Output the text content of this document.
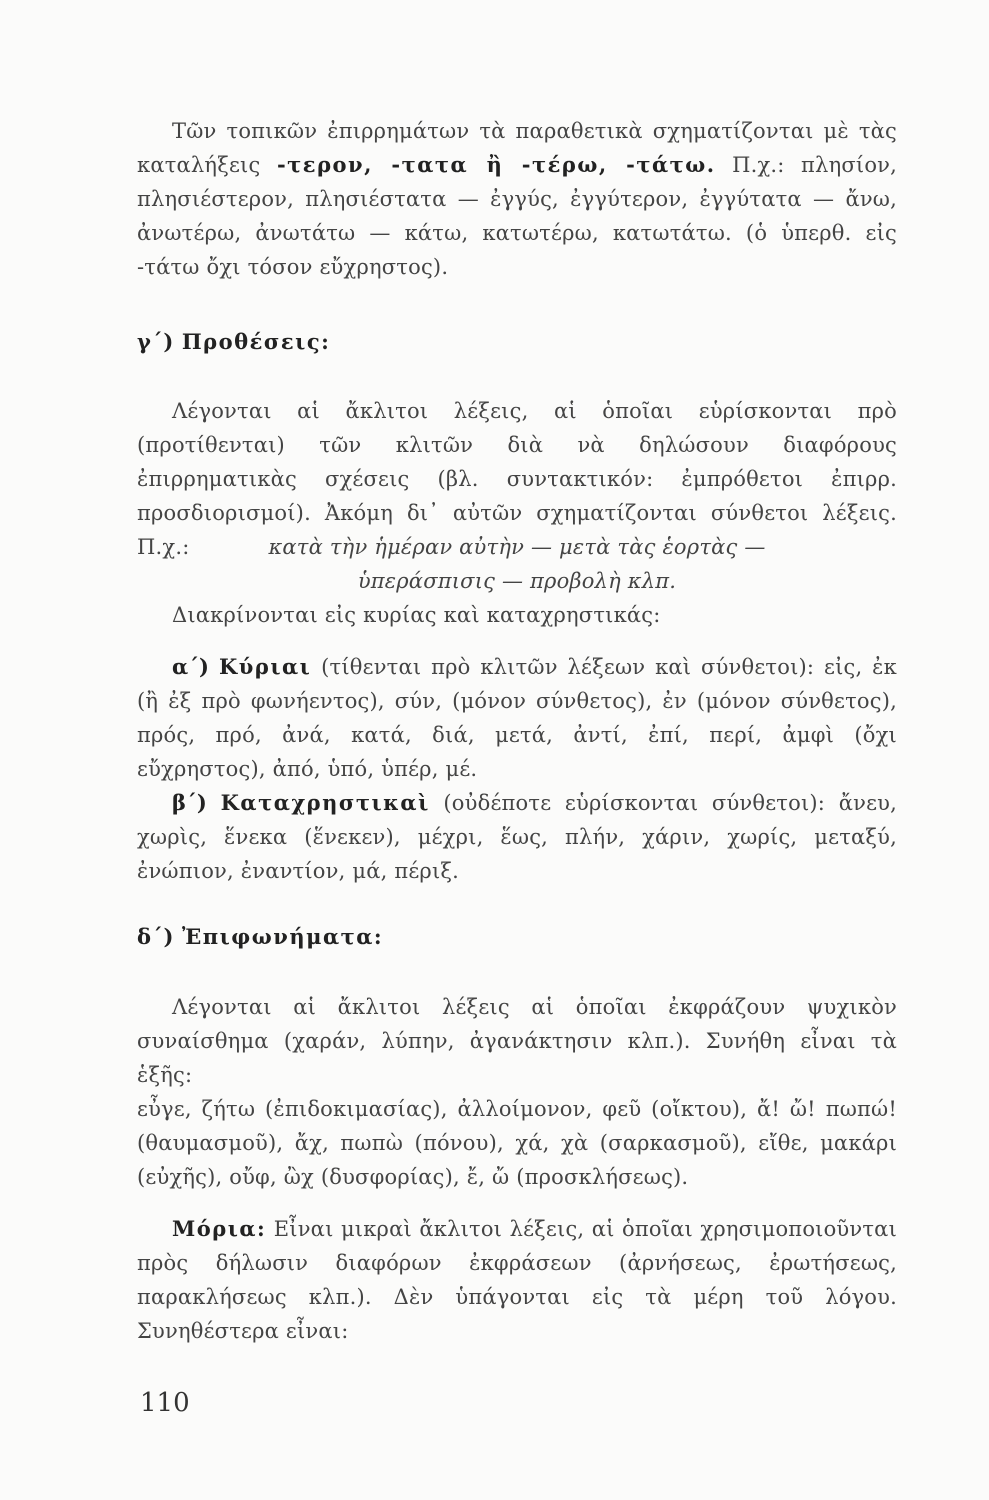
Τῶν τοπικῶν ἐπιρρημάτων τὰ παραθετικὰ σχηματίζονται μὲ τὰς καταλήξεις -τερον, -τατα ἢ -τέρω, -τάτω. Π.χ.: πλησίον, πλησιέστερον, πλησιέστατα — ἐγγύς, ἐγγύτερον, ἐγγύτατα — ἄνω, ἀνωτέρω, ἀνωτάτω — κάτω, κατωτέρω, κατωτάτω. (ὁ ὑπερθ. εἰς -τάτω ὄχι τόσον εὔχρηστος).

γ΄) Προθέσεις:

Λέγονται αἱ ἄκλιτοι λέξεις, αἱ ὁποῖαι εὑρίσκονται πρὸ (προτίθενται) τῶν κλιτῶν διὰ νὰ δηλώσουν διαφόρους ἐπιρρηματικὰς σχέσεις (βλ. συντακτικόν: ἐμπρόθετοι ἐπιρρ. προσδιορισμοί). Ἀκόμη δι᾽ αὐτῶν σχηματίζονται σύνθετοι λέξεις. Π.χ.:	κατὰ τὴν ἡμέραν αὐτὴν — μετὰ τὰς ἑορτὰς —

ὑπεράσπισις — προβολὴ κλπ.

Διακρίνονται εἰς κυρίας καὶ καταχρηστικάς:

α΄) Κύριαι (τίθενται πρὸ κλιτῶν λέξεων καὶ σύνθετοι): εἰς, ἐκ (ἢ ἐξ πρὸ φωνήεντος), σύν, (μόνον σύνθετος), ἐν (μόνον σύνθετος), πρός, πρό, ἀνά, κατά, διά, μετά, ἀντί, ἐπί, περί, ἀμφὶ (ὄχι εὔχρηστος), ἀπό, ὑπό, ὑπέρ, μέ.

β΄) Καταχρηστικαὶ (οὐδέποτε εὑρίσκονται σύνθετοι): ἄνευ, χωρὶς, ἕνεκα (ἕνεκεν), μέχρι, ἕως, πλήν, χάριν, χωρίς, μεταξύ, ἐνώπιον, ἐναντίον, μά, πέριξ.

δ΄) Ἐπιφωνήματα:

Λέγονται αἱ ἄκλιτοι λέξεις αἱ ὁποῖαι ἐκφράζουν ψυχικὸν συναίσθημα (χαράν, λύπην, ἀγανάκτησιν κλπ.). Συνήθη εἶναι τὰ ἑξῆς:

εὖγε, ζήτω (ἐπιδοκιμασίας), ἀλλοίμονον, φεῦ (οἴκτου), ἄ! ὤ! πωπώ! (θαυμασμοῦ), ἄχ, πωπὼ (πόνου), χά, χὰ (σαρκασμοῦ), εἴθε, μακάρι (εὐχῆς), οὔφ, ὢχ (δυσφορίας), ἔ, ὤ (προσκλήσεως).

Μόρια: Εἶναι μικραὶ ἄκλιτοι λέξεις, αἱ ὁποῖαι χρησιμοποιοῦνται πρὸς δήλωσιν διαφόρων ἐκφράσεων (ἀρνήσεως, ἐρωτήσεως, παρακλήσεως κλπ.). Δὲν ὑπάγονται εἰς τὰ μέρη τοῦ λόγου. Συνηθέστερα εἶναι:

110
